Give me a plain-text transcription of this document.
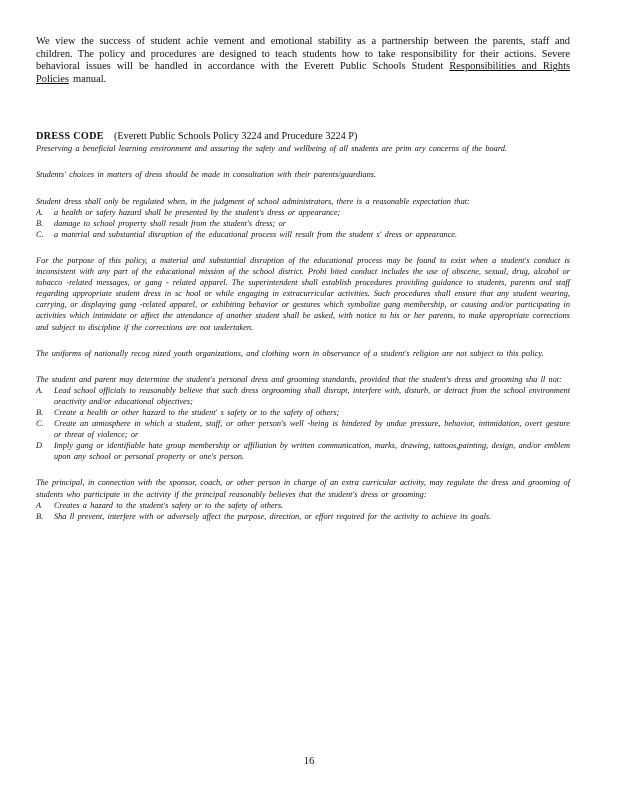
We view the success of student achie vement and emotional stability as a partnership between the parents, staff and children. The policy and procedures are designed to teach students how to take responsibility for their actions. Severe behavioral issues will be handled in accordance with the Everett Public Schools Student Responsibilities and Rights Policies manual.
DRESS CODE (Everett Public Schools Policy 3224 and Procedure 3224 P)

Preserving a beneficial learning environment and assuring the safety and wellbeing of all students are prim ary concerns of the board.

Students' choices in matters of dress should be made in consultation with their parents/guardians.

Student dress shall only be regulated when, in the judgment of school administrators, there is a reasonable expectation that:
A.	a health or safety hazard shall be presented by the student's dress or appearance;
B.	damage to school property shall result from the student's dress; or
C.	a material and substantial disruption of the educational process will result from the student s' dress or appearance.

For the purpose of this policy, a material and substantial disruption of the educational process may be found to exist when a student's conduct is inconsistent with any part of the educational mission of the school district. Prohi bited conduct includes the use of obscene, sexual, drug, alcohol or tobacco -related messages, or gang - related apparel. The superintendent shall establish procedures providing guidance to students, parents and staff regarding appropriate student dress in sc hool or while engaging in extracurricular activities. Such procedures shall ensure that any student wearing, carrying, or displaying gang -related apparel, or exhibiting behavior or gestures which symbolize gang membership, or causing and/or participating in activities which intimidate or affect the attendance of another student shall be asked, with notice to his or her parents, to make appropriate corrections and subject to discipline if the corrections are not undertaken.

The uniforms of nationally recog nized youth organizations, and clothing worn in observance of a student's religion are not subject to this policy.

The student and parent may determine the student's personal dress and grooming standards, provided that the student's dress and grooming sha ll not:
A.	Lead school officials to reasonably believe that such dress orgrooming shall disrupt, interfere with, disturb, or detract from the school environment oractivity and/or educational objectives;
B.	Create a health or other hazard to the student' s safety or to the safety of others;
C.	Create an atmosphere in which a student, staff, or other person's well -being is hindered by undue pressure, behavior, intimidation, overt gesture or threat of violence; or
D	Imply gang or identifiable hate group membership or affiliation by written communication, marks, drawing, tattoos,painting, design, and/or emblem upon any school or personal property or one's person.
The principal, in connection with the sponsor, coach, or other person in charge of an extra curricular activity, may regulate the dress and grooming of students who participate in the activity if the principal reasonably believes that the student's dress or grooming:
A	Creates a hazard to the student's safety or to the safety of others.
B.	Sha ll prevent, interfere with or adversely affect the purpose, direction, or effort required for the activity to achieve its goals.
16
